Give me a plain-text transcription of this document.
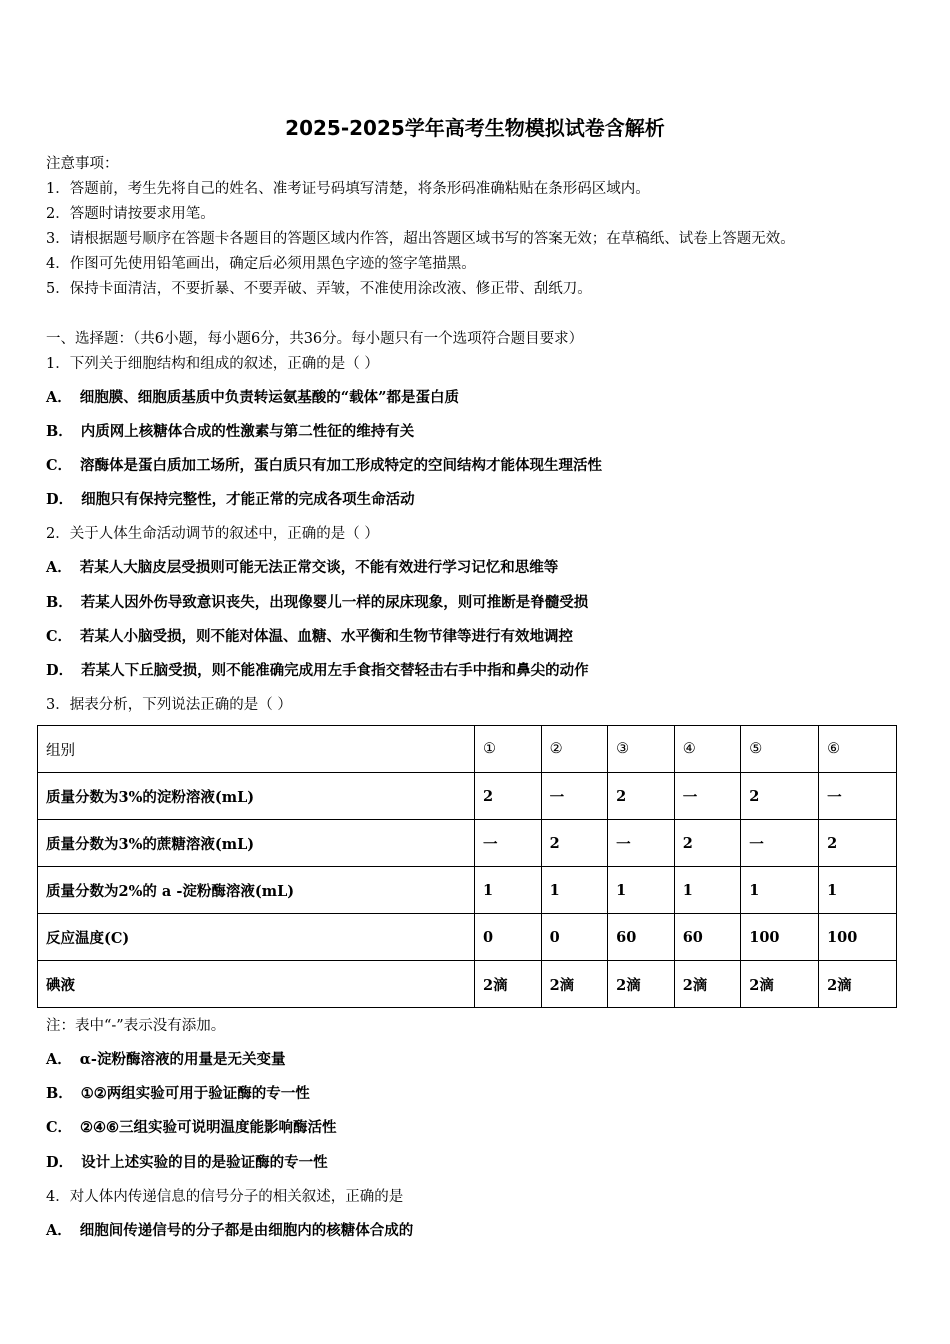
2025-2025学年高考生物模拟试卷含解析
注意事项：
1．答题前，考生先将自己的姓名、准考证号码填写清楚，将条形码准确粘贴在条形码区域内。
2．答题时请按要求用笔。
3．请根据题号顺序在答题卡各题目的答题区域内作答，超出答题区域书写的答案无效；在草稿纸、试卷上答题无效。
4．作图可先使用铅笔画出，确定后必须用黑色字迹的签字笔描黑。
5．保持卡面清洁，不要折暴、不要弄破、弄皱，不准使用涂改液、修正带、刮纸刀。
一、选择题：（共6小题，每小题6分，共36分。每小题只有一个选项符合题目要求）
1．下列关于细胞结构和组成的叙述，正确的是（ ）
A． 细胞膜、细胞质基质中负责转运氨基酸的“载体”都是蛋白质
B． 内质网上核糖体合成的性激素与第二性征的维持有关
C． 溶酶体是蛋白质加工场所，蛋白质只有加工形成特定的空间结构才能体现生理活性
D． 细胞只有保持完整性，才能正常的完成各项生命活动
2．关于人体生命活动调节的叙述中，正确的是（ ）
A． 若某人大脑皮层受损则可能无法正常交谈，不能有效进行学习记忆和思维等
B． 若某人因外伤导致意识丧失，出现像婴儿一样的尿床现象，则可推断是脊髓受损
C． 若某人小脑受损，则不能对体温、血糖、水平衡和生物节律等进行有效地调控
D． 若某人下丘脑受损，则不能准确完成用左手食指交替轻击右手中指和鼻尖的动作
3．据表分析，下列说法正确的是（ ）
组别	①	②	③	④	⑤	⑥
质量分数为3%的淀粉溶液(mL)	2	一	2	一	2	一
质量分数为3%的蔗糖溶液(mL)	一	2	一	2	一	2
质量分数为2%的 a -淀粉酶溶液(mL)	1	1	1	1	1	1
反应温度(C)	0	0	60	60	100	100
碘液	2滴	2滴	2滴	2滴	2滴	2滴
注：表中“-”表示没有添加。
A． α-淀粉酶溶液的用量是无关变量
B． ①②两组实验可用于验证酶的专一性
C． ②④⑥三组实验可说明温度能影响酶活性
D． 设计上述实验的目的是验证酶的专一性
4．对人体内传递信息的信号分子的相关叙述，正确的是
A． 细胞间传递信号的分子都是由细胞内的核糖体合成的
